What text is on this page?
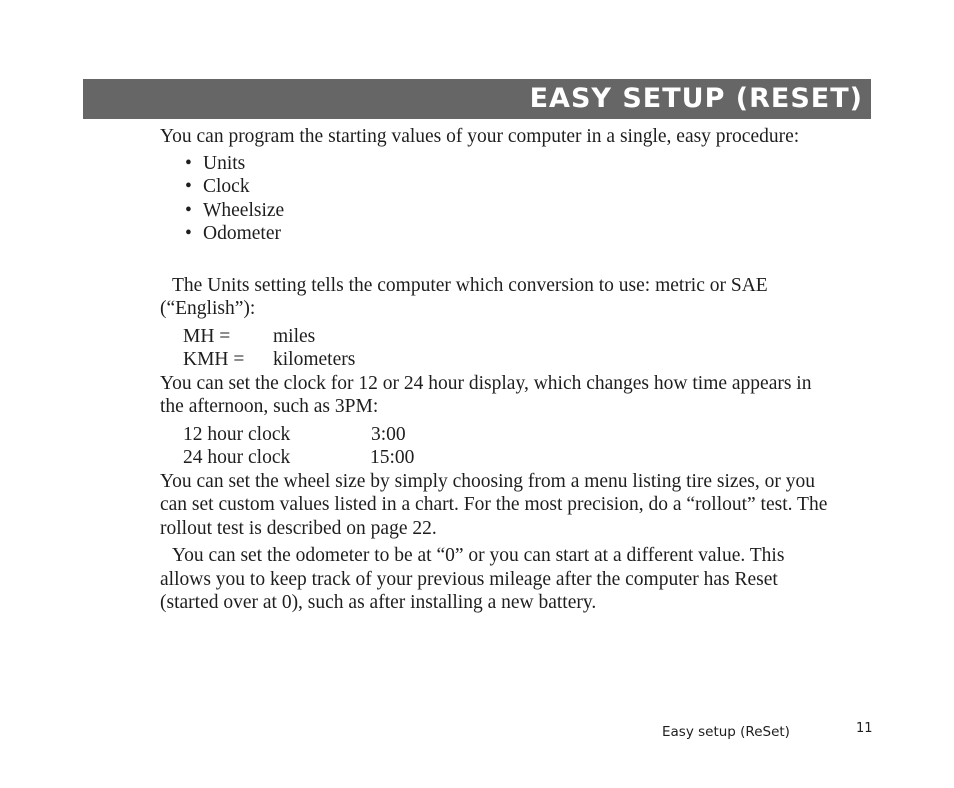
EASY SETUP (RESET)

You can program the starting values of your computer in a single, easy procedure:

• Units
• Clock
• Wheelsize
• Odometer

The Units setting tells the computer which conversion to use: metric or SAE (“English”):

MH = miles
KMH = kilometers

You can set the clock for 12 or 24 hour display, which changes how time appears in the afternoon, such as 3PM:

12 hour clock	3:00
24 hour clock	15:00

You can set the wheel size by simply choosing from a menu listing tire sizes, or you can set custom values listed in a chart. For the most precision, do a “rollout” test. The rollout test is described on page 22.

You can set the odometer to be at “0” or you can start at a different value. This allows you to keep track of your previous mileage after the computer has Reset (started over at 0), such as after installing a new battery.

Easy setup (ReSet)	11
